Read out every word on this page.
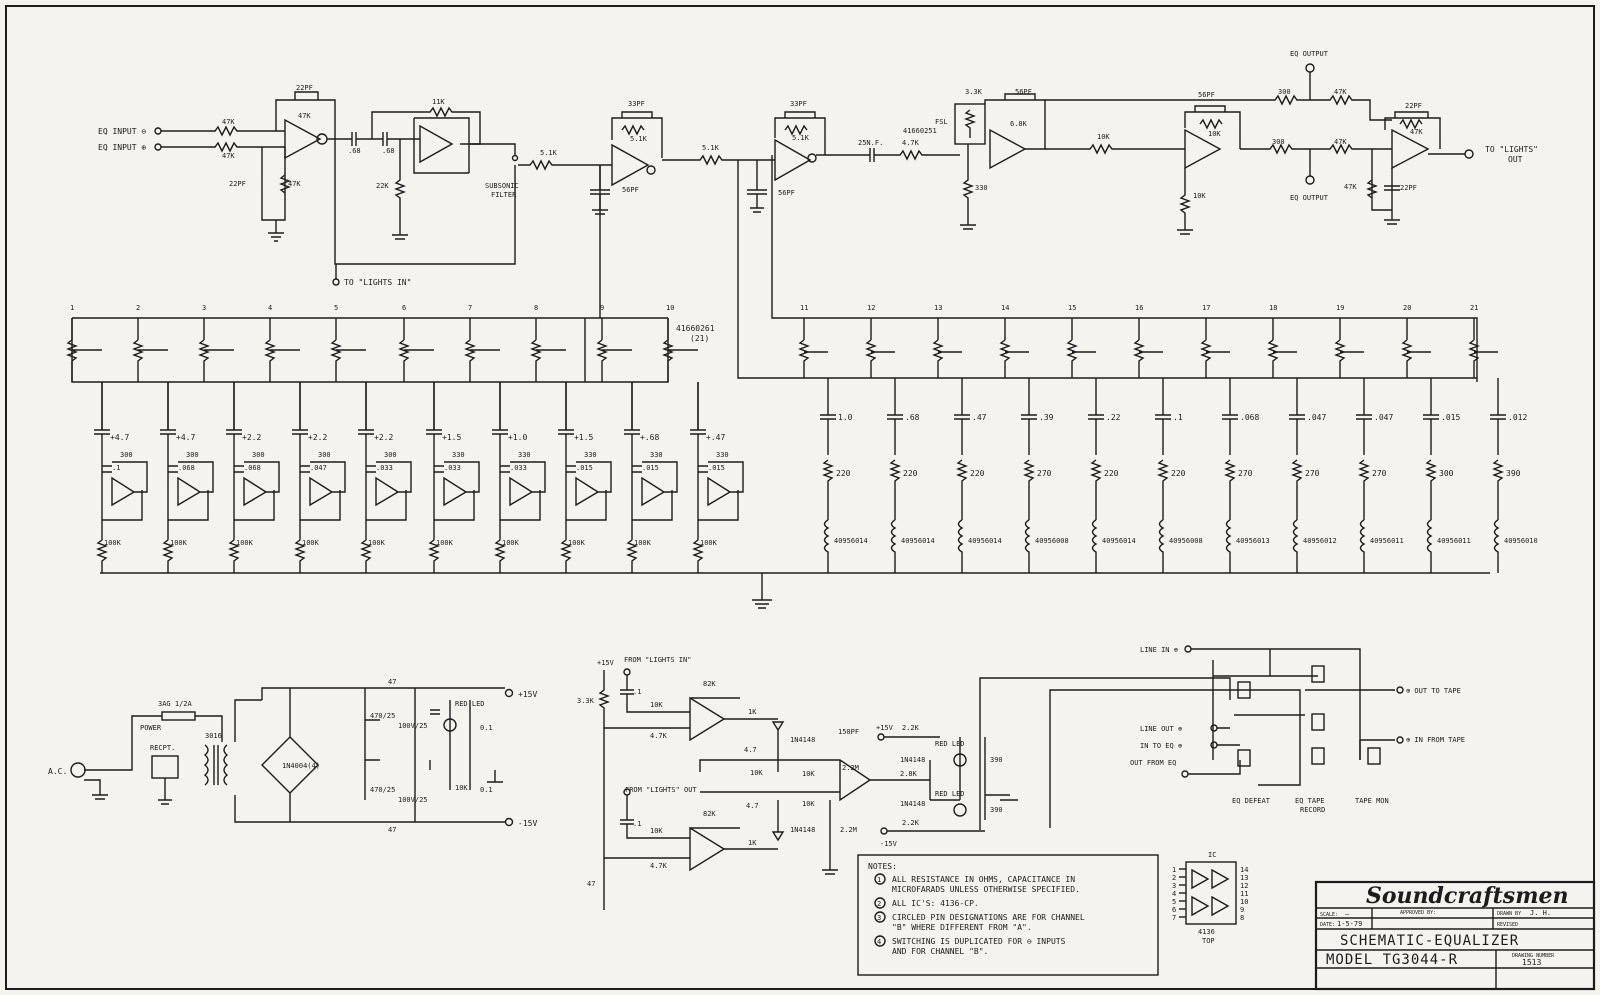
EQ INPUT ⊖
EQ INPUT ⊕
47K
47K
22PF
47K
22PF	47K
.68	.68
22K
11K
SUBSONIC
FILTER
TO "LIGHTS IN"
5.1K
33PF
5.1K
56PF
5.1K
33PF
5.1K
56PF
25N.F.	4.7K
FSL
41660251
3.3K	56PF
6.8K
330
10K
56PF
10K
10K
300	47K
300	47K
EQ OUTPUT
EQ OUTPUT
22PF
47K
47K	22PF
TO "LIGHTS"
OUT
41660261
(21)
1
+4.7
.1
300
100K
2
+4.7
.068
300
100K
3
+2.2
.068
300
100K
4
+2.2
.047
300
100K
5
+2.2
.033
300
100K
6
+1.5
.033
330
100K
7
+1.0
.033
330
100K
8
+1.5
.015
330
100K
9
+.68
.015
330
100K
10
+.47
.015
330
100K
11
1.0
220
40956014
12
.68
220
40956014
13
.47
220
40956014
14
.39
270
40956008
15
.22
220
40956014
16
.1
220
40956008
17
.068
270
40956013
18
.047
270
40956012
19
.047
270
40956011
20
.015
300
40956011
21
.012
390
40956010
A.C.
3AG 1/2A
POWER
RECPT.
3016
1N4004(4)
47
47
470/25
100V/25
470/25
100V/25
RED LED
10K
0.1
0.1
+15V
-15V
+15V FROM "LIGHTS IN"
3.3K
47
.1
10K
4.7K
82K
1K
1N4148
4.7
4.7
10K
10K
10K
150PF
2.2M
2.2M
FROM "LIGHTS" OUT
.1
10K
4.7K
82K
1K
1N4148
+15V 2.2K
2.8K
1N4148
1N4148
RED LED
RED LED
390
390
-15V
2.2K
LINE IN ⊕
⊕ OUT TO TAPE
LINE OUT ⊕
IN TO EQ ⊕
OUT FROM EQ
⊕ IN FROM TAPE
EQ DEFEAT	EQ TAPE
RECORD
TAPE MON
NOTES:
ALL RESISTANCE IN OHMS, CAPACITANCE IN
MICROFARADS UNLESS OTHERWISE SPECIFIED.
ALL IC'S: 4136-CP.
CIRCLED PIN DESIGNATIONS ARE FOR CHANNEL
"B" WHERE DIFFERENT FROM "A".
SWITCHING IS DUPLICATED FOR ⊖ INPUTS
AND FOR CHANNEL "B".
1
2
3
4
IC
1
2
3
4
5
6
7
14
13
12
11
10
9
8
4136
TOP
Soundcraftsmen
SCALE: —	APPROVED BY:	DRAWN BY J. H.
DATE: 1-5-79	REVISED
SCHEMATIC-EQUALIZER
MODEL TG3044-R	DRAWING NUMBER
1513
